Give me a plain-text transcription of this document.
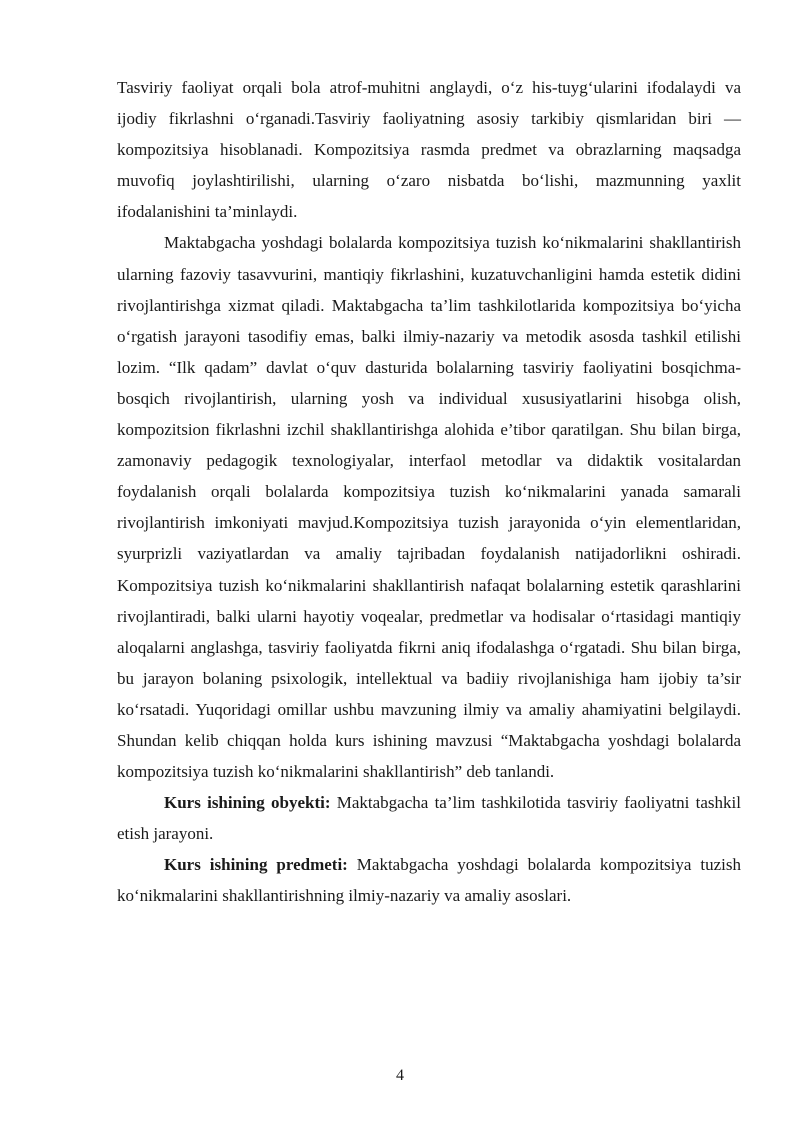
Tasviriy faoliyat orqali bola atrof-muhitni anglaydi, o‘z his-tuyg‘ularini ifodalaydi va ijodiy fikrlashni o‘rganadi.Tasviriy faoliyatning asosiy tarkibiy qismlaridan biri — kompozitsiya hisoblanadi. Kompozitsiya rasmda predmet va obrazlarning maqsadga muvofiq joylashtirilishi, ularning o‘zaro nisbatda bo‘lishi, mazmunning yaxlit ifodalanishini ta’minlaydi.

Maktabgacha yoshdagi bolalarda kompozitsiya tuzish ko‘nikmalarini shakllantirish ularning fazoviy tasavvurini, mantiqiy fikrlashini, kuzatuvchanligini hamda estetik didini rivojlantirishga xizmat qiladi. Maktabgacha ta’lim tashkilotlarida kompozitsiya bo‘yicha o‘rgatish jarayoni tasodifiy emas, balki ilmiy-nazariy va metodik asosda tashkil etilishi lozim. “Ilk qadam” davlat o‘quv dasturida bolalarning tasviriy faoliyatini bosqichma-bosqich rivojlantirish, ularning yosh va individual xususiyatlarini hisobga olish, kompozitsion fikrlashni izchil shakllantirishga alohida e’tibor qaratilgan. Shu bilan birga, zamonaviy pedagogik texnologiyalar, interfaol metodlar va didaktik vositalardan foydalanish orqali bolalarda kompozitsiya tuzish ko‘nikmalarini yanada samarali rivojlantirish imkoniyati mavjud.Kompozitsiya tuzish jarayonida o‘yin elementlaridan, syurprizli vaziyatlardan va amaliy tajribadan foydalanish natijadorlikni oshiradi. Kompozitsiya tuzish ko‘nikmalarini shakllantirish nafaqat bolalarning estetik qarashlarini rivojlantiradi, balki ularni hayotiy voqealar, predmetlar va hodisalar o‘rtasidagi mantiqiy aloqalarni anglashga, tasviriy faoliyatda fikrni aniq ifodalashga o‘rgatadi. Shu bilan birga, bu jarayon bolaning psixologik, intellektual va badiiy rivojlanishiga ham ijobiy ta’sir ko‘rsatadi. Yuqoridagi omillar ushbu mavzuning ilmiy va amaliy ahamiyatini belgilaydi. Shundan kelib chiqqan holda kurs ishining mavzusi “Maktabgacha yoshdagi bolalarda kompozitsiya tuzish ko‘nikmalarini shakllantirish” deb tanlandi.

Kurs ishining obyekti: Maktabgacha ta’lim tashkilotida tasviriy faoliyatni tashkil etish jarayoni.

Kurs ishining predmeti: Maktabgacha yoshdagi bolalarda kompozitsiya tuzish ko‘nikmalarini shakllantirishning ilmiy-nazariy va amaliy asoslari.

4
